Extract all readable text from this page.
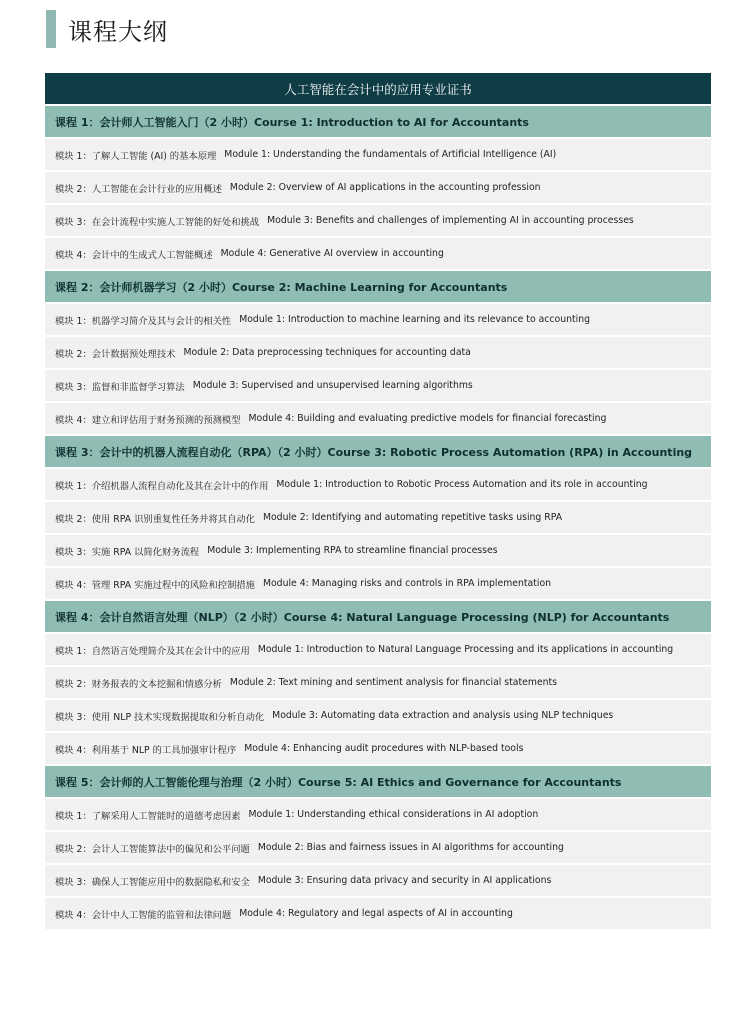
课程大纲
人工智能在会计中的应用专业证书
课程 1：会计师人工智能入门（2 小时）Course 1: Introduction to AI for Accountants
模块 1：了解人工智能 (AI) 的基本原理 Module 1: Understanding the fundamentals of Artificial Intelligence (AI)
模块 2：人工智能在会计行业的应用概述 Module 2: Overview of AI applications in the accounting profession
模块 3：在会计流程中实施人工智能的好处和挑战 Module 3: Benefits and challenges of implementing AI in accounting processes
模块 4：会计中的生成式人工智能概述 Module 4: Generative AI overview in accounting
课程 2：会计师机器学习（2 小时）Course 2: Machine Learning for Accountants
模块 1：机器学习简介及其与会计的相关性 Module 1: Introduction to machine learning and its relevance to accounting
模块 2：会计数据预处理技术 Module 2: Data preprocessing techniques for accounting data
模块 3：监督和非监督学习算法 Module 3: Supervised and unsupervised learning algorithms
模块 4：建立和评估用于财务预测的预测模型 Module 4: Building and evaluating predictive models for financial forecasting
课程 3：会计中的机器人流程自动化（RPA）（2 小时）Course 3: Robotic Process Automation (RPA) in Accounting
模块 1：介绍机器人流程自动化及其在会计中的作用 Module 1: Introduction to Robotic Process Automation and its role in accounting
模块 2：使用 RPA 识别重复性任务并将其自动化 Module 2: Identifying and automating repetitive tasks using RPA
模块 3：实施 RPA 以简化财务流程 Module 3: Implementing RPA to streamline financial processes
模块 4：管理 RPA 实施过程中的风险和控制措施 Module 4: Managing risks and controls in RPA implementation
课程 4：会计自然语言处理（NLP）（2 小时）Course 4: Natural Language Processing (NLP) for Accountants
模块 1：自然语言处理简介及其在会计中的应用 Module 1: Introduction to Natural Language Processing and its applications in accounting
模块 2：财务报表的文本挖掘和情感分析 Module 2: Text mining and sentiment analysis for financial statements
模块 3：使用 NLP 技术实现数据提取和分析自动化 Module 3: Automating data extraction and analysis using NLP techniques
模块 4：利用基于 NLP 的工具加强审计程序 Module 4: Enhancing audit procedures with NLP-based tools
课程 5：会计师的人工智能伦理与治理（2 小时）Course 5: AI Ethics and Governance for Accountants
模块 1：了解采用人工智能时的道德考虑因素 Module 1: Understanding ethical considerations in AI adoption
模块 2：会计人工智能算法中的偏见和公平问题 Module 2: Bias and fairness issues in AI algorithms for accounting
模块 3：确保人工智能应用中的数据隐私和安全 Module 3: Ensuring data privacy and security in AI applications
模块 4：会计中人工智能的监管和法律问题 Module 4: Regulatory and legal aspects of AI in accounting
